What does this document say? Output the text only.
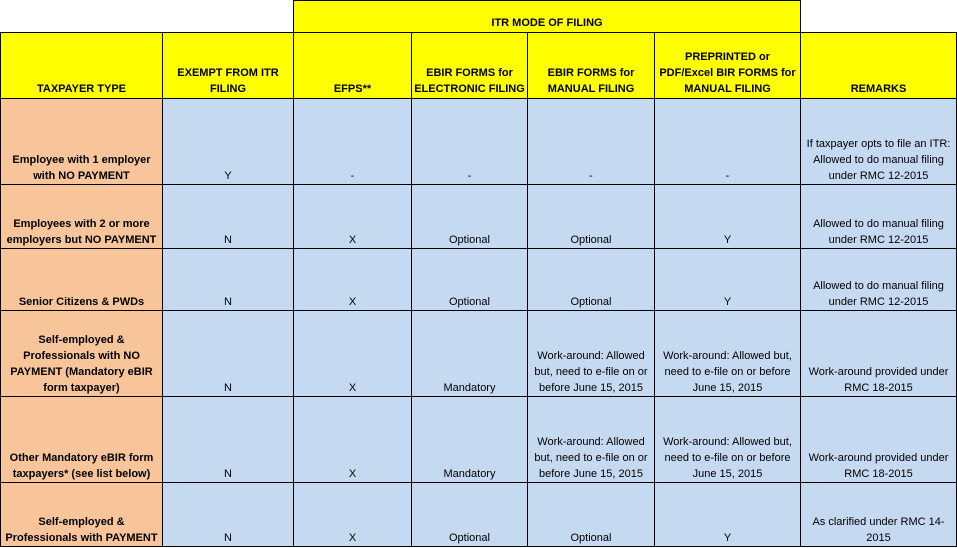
		ITR MODE OF FILING				
TAXPAYER TYPE	EXEMPT FROM ITR FILING	EFPS**	EBIR FORMS for ELECTRONIC FILING	EBIR FORMS for MANUAL FILING	PREPRINTED or PDF/Excel BIR FORMS for MANUAL FILING	REMARKS
Employee with 1 employer with NO PAYMENT	Y	-	-	-	-	If taxpayer opts to file an ITR: Allowed to do manual filing under RMC 12-2015
Employees with 2 or more employers but NO PAYMENT	N	X	Optional	Optional	Y	Allowed to do manual filing under RMC 12-2015
Senior Citizens & PWDs	N	X	Optional	Optional	Y	Allowed to do manual filing under RMC 12-2015
Self-employed & Professionals with NO PAYMENT (Mandatory eBIR form taxpayer)	N	X	Mandatory	Work-around: Allowed but, need to e-file on or before June 15, 2015	Work-around: Allowed but, need to e-file on or before June 15, 2015	Work-around provided under RMC 18-2015
Other Mandatory eBIR form taxpayers* (see list below)	N	X	Mandatory	Work-around: Allowed but, need to e-file on or before June 15, 2015	Work-around: Allowed but, need to e-file on or before June 15, 2015	Work-around provided under RMC 18-2015
Self-employed & Professionals with PAYMENT	N	X	Optional	Optional	Y	As clarified under RMC 14-2015
